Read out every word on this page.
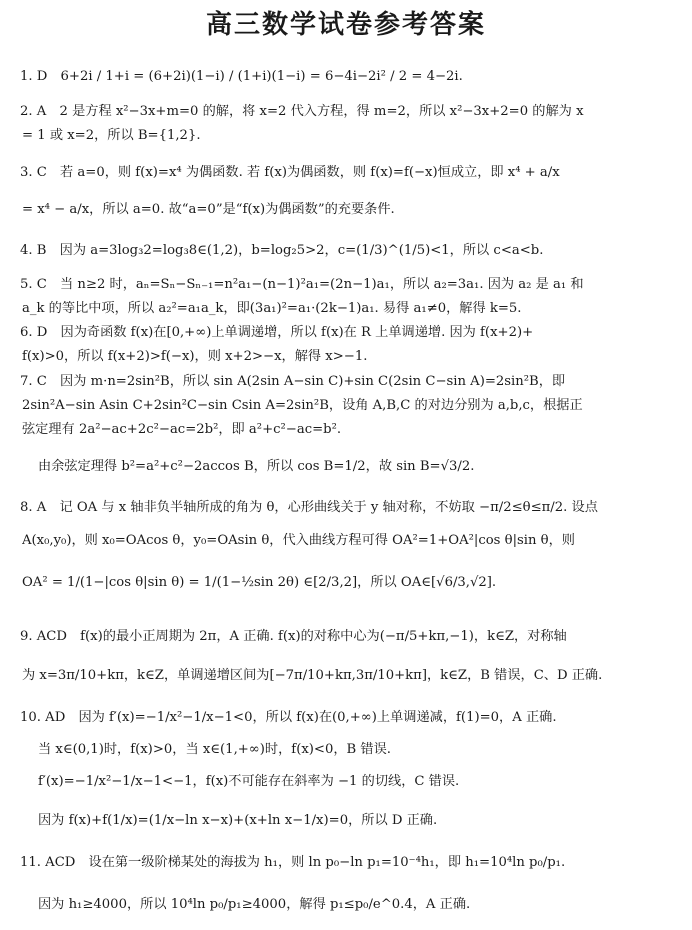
高三数学试卷参考答案
1. D　6+2i / 1+i = (6+2i)(1−i) / (1+i)(1−i) = 6−4i−2i² / 2 = 4−2i.
2. A　2 是方程 x²−3x+m=0 的解，将 x=2 代入方程，得 m=2，所以 x²−3x+2=0 的解为 x
= 1 或 x=2，所以 B={1,2}.
3. C　若 a=0，则 f(x)=x⁴ 为偶函数. 若 f(x)为偶函数，则 f(x)=f(−x)恒成立，即 x⁴ + a/x
= x⁴ − a/x，所以 a=0. 故“a=0”是“f(x)为偶函数”的充要条件.
4. B　因为 a=3log₃2=log₃8∈(1,2)，b=log₂5>2，c=(1/3)^(1/5)<1，所以 c<a<b.
5. C　当 n≥2 时，aₙ=Sₙ−Sₙ₋₁=n²a₁−(n−1)²a₁=(2n−1)a₁，所以 a₂=3a₁. 因为 a₂ 是 a₁ 和
a_k 的等比中项，所以 a₂²=a₁a_k，即(3a₁)²=a₁·(2k−1)a₁. 易得 a₁≠0，解得 k=5.
6. D　因为奇函数 f(x)在[0,+∞)上单调递增，所以 f(x)在 R 上单调递增. 因为 f(x+2)+
f(x)>0，所以 f(x+2)>f(−x)，则 x+2>−x，解得 x>−1.
7. C　因为 m·n=2sin²B，所以 sin A(2sin A−sin C)+sin C(2sin C−sin A)=2sin²B，即
2sin²A−sin Asin C+2sin²C−sin Csin A=2sin²B，设角 A,B,C 的对边分别为 a,b,c，根据正
弦定理有 2a²−ac+2c²−ac=2b²，即 a²+c²−ac=b².
由余弦定理得 b²=a²+c²−2accos B，所以 cos B=1/2，故 sin B=√3/2.
8. A　记 OA 与 x 轴非负半轴所成的角为 θ，心形曲线关于 y 轴对称，不妨取 −π/2≤θ≤π/2. 设点
A(x₀,y₀)，则 x₀=OAcos θ，y₀=OAsin θ，代入曲线方程可得 OA²=1+OA²|cos θ|sin θ，则
OA² = 1/(1−|cos θ|sin θ) = 1/(1−½sin 2θ) ∈[2/3,2]，所以 OA∈[√6/3,√2].
9. ACD　f(x)的最小正周期为 2π，A 正确. f(x)的对称中心为(−π/5+kπ,−1)，k∈Z，对称轴
为 x=3π/10+kπ，k∈Z，单调递增区间为[−7π/10+kπ,3π/10+kπ]，k∈Z，B 错误，C、D 正确.
10. AD　因为 f′(x)=−1/x²−1/x−1<0，所以 f(x)在(0,+∞)上单调递减，f(1)=0，A 正确.
当 x∈(0,1)时，f(x)>0，当 x∈(1,+∞)时，f(x)<0，B 错误.
f′(x)=−1/x²−1/x−1<−1，f(x)不可能存在斜率为 −1 的切线，C 错误.
因为 f(x)+f(1/x)=(1/x−ln x−x)+(x+ln x−1/x)=0，所以 D 正确.
11. ACD　设在第一级阶梯某处的海拔为 h₁，则 ln p₀−ln p₁=10⁻⁴h₁，即 h₁=10⁴ln p₀/p₁.
因为 h₁≥4000，所以 10⁴ln p₀/p₁≥4000，解得 p₁≤p₀/e^0.4，A 正确.
